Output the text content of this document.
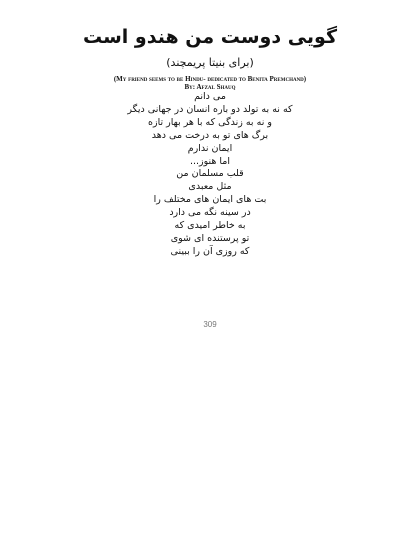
گویی دوست من هندو است
(برای بنیتا پریمچند)
(My friend seems to be Hindu- dedicated to Benita Premchand)
By: Afzal Shauq
می دانم
که نه به تولد دو باره انسان در جهانی دیگر
و نه به زندگی که با هر بهار تازه
برگ های تو به درخت می دهد
ایمان ندارم
اما هنوز...
قلب مسلمان من
مثل معبدی
بت های ایمان های مختلف را
در سینه نگه می دارد
به خاطر امیدی که
تو پرستنده ای شوی
که روزی آن را ببینی
309
